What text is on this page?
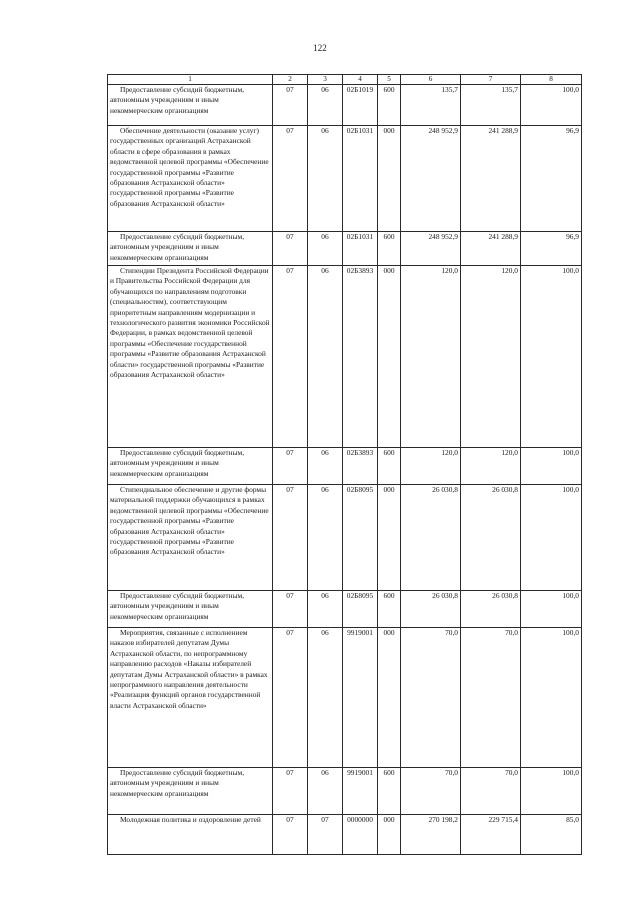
122
1	2	3	4	5	6	7	8

Предоставление субсидий бюджетным, автономным учреждениям и иным некоммерческим организациям	07	06	02Б1019	600	135,7	135,7	100,0

Обеспечение деятельности (оказание услуг) государственных организаций Астраханской области в сфере образования в рамках ведомственной целевой программы «Обеспечение государственной программы «Развитие образования Астраханской области» государственной программы «Развитие образования Астраханской области»	07	06	02Б1031	000	248 952,9	241 288,9	96,9

Предоставление субсидий бюджетным, автономным учреждениям и иным некоммерческим организациям	07	06	02Б1031	600	248 952,9	241 288,9	96,9

Стипендии Президента Российской Федерации и Правительства Российской Федерации для обучающихся по направлениям подготовки (специальностям), соответствующим приоритетным направлениям модернизации и технологического развития экономики Российской Федерации, в рамках ведомственной целевой программы «Обеспечение государственной программы «Развитие образования Астраханской области» государственной программы «Развитие образования Астраханской области»	07	06	02Б3893	000	120,0	120,0	100,0

Предоставление субсидий бюджетным, автономным учреждениям и иным некоммерческим организациям	07	06	02Б3893	600	120,0	120,0	100,0

Стипендиальное обеспечение и другие формы материальной поддержки обучающихся в рамках ведомственной целевой программы «Обеспечение государственной программы «Развитие образования Астраханской области» государственной программы «Развитие образования Астраханской области»	07	06	02Б8095	000	26 030,8	26 030,8	100,0

Предоставление субсидий бюджетным, автономным учреждениям и иным некоммерческим организациям	07	06	02Б8095	600	26 030,8	26 030,8	100,0

Мероприятия, связанные с исполнением наказов избирателей депутатам Думы Астраханской области, по непрограммному направлению расходов «Наказы избирателей депутатам Думы Астраханской области» в рамках непрограммного направления деятельности «Реализация функций органов государственной власти Астраханской области»	07	06	9919001	000	70,0	70,0	100,0

Предоставление субсидий бюджетным, автономным учреждениям и иным некоммерческим организациям	07	06	9919001	600	70,0	70,0	100,0

Молодежная политика и оздоровление детей	07	07	0000000	000	270 198,2	229 715,4	85,0
